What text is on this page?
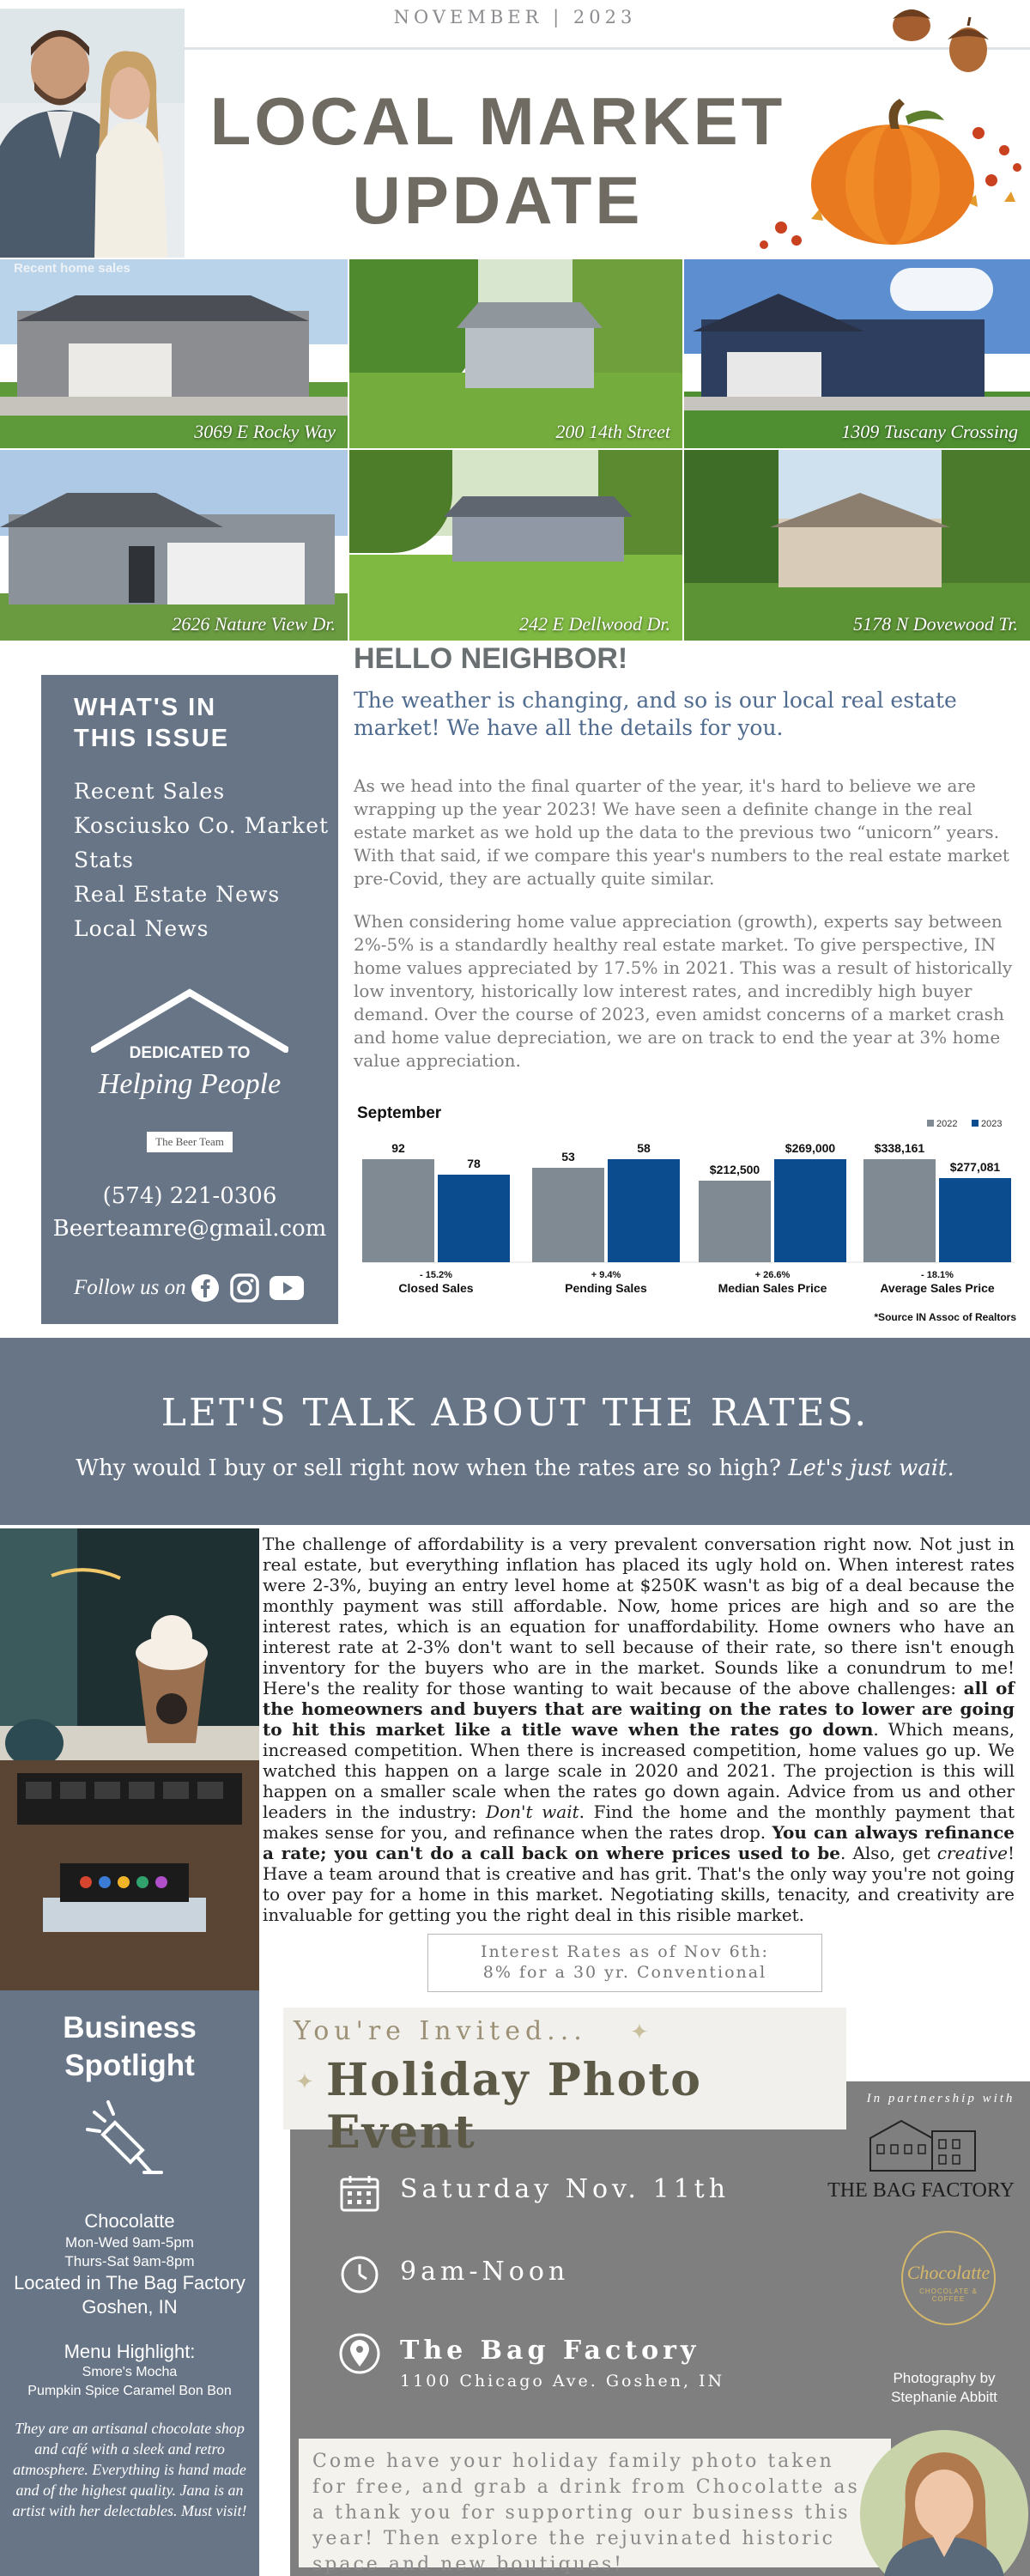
NOVEMBER | 2023
LOCAL MARKET
UPDATE
Recent home sales
3069 E Rocky Way	200 14th Street	1309 Tuscany Crossing
2626 Nature View Dr.	242 E Dellwood Dr.	5178 N Dovewood Tr.
WHAT'S IN
THIS ISSUE
Recent Sales
Kosciusko Co. Market Stats
Real Estate News
Local News
DEDICATED TO
Helping People
The Beer Team
(574) 221-0306
Beerteamre@gmail.com
Follow us on
HELLO NEIGHBOR!
The weather is changing, and so is our local real estate market! We have all the details for you.
As we head into the final quarter of the year, it's hard to believe we are wrapping up the year 2023! We have seen a definite change in the real estate market as we hold up the data to the previous two “unicorn” years. With that said, if we compare this year's numbers to the real estate market pre-Covid, they are actually quite similar.
When considering home value appreciation (growth), experts say between 2%-5% is a standardly healthy real estate market. To give perspective, IN home values appreciated by 17.5% in 2021. This was a result of historically low inventory, historically low interest rates, and incredibly high buyer demand. Over the course of 2023, even amidst concerns of a market crash and home value depreciation, we are on track to end the year at 3% home value appreciation.
September
2022	2023
92
78
- 15.2%
Closed Sales
53
58
+ 9.4%
Pending Sales
$212,500
$269,000
+ 26.6%
Median Sales Price
$338,161
$277,081
- 18.1%
Average Sales Price
*Source IN Assoc of Realtors
LET'S TALK ABOUT THE RATES.
Why would I buy or sell right now when the rates are so high? Let's just wait.
The challenge of affordability is a very prevalent conversation right now. Not just in real estate, but everything inflation has placed its ugly hold on. When interest rates were 2-3%, buying an entry level home at $250K wasn't as big of a deal because the monthly payment was still affordable. Now, home prices are high and so are the interest rates, which is an equation for unaffordability. Home owners who have an interest rate at 2-3% don't want to sell because of their rate, so there isn't enough inventory for the buyers who are in the market. Sounds like a conundrum to me! Here's the reality for those wanting to wait because of the above challenges: all of the homeowners and buyers that are waiting on the rates to lower are going to hit this market like a title wave when the rates go down. Which means, increased competition. When there is increased competition, home values go up. We watched this happen on a large scale in 2020 and 2021. The projection is this will happen on a smaller scale when the rates go down again. Advice from us and other leaders in the industry: Don't wait. Find the home and the monthly payment that makes sense for you, and refinance when the rates drop. You can always refinance a rate; you can't do a call back on where prices used to be. Also, get creative! Have a team around that is creative and has grit. That's the only way you're not going to over pay for a home in this market. Negotiating skills, tenacity, and creativity are invaluable for getting you the right deal in this risible market.
Interest Rates as of Nov 6th:
8% for a 30 yr. Conventional
Business
Spotlight
Chocolatte
Mon-Wed 9am-5pm
Thurs-Sat 9am-8pm
Located in The Bag Factory
Goshen, IN
Menu Highlight:
Smore's Mocha
Pumpkin Spice Caramel Bon Bon
They are an artisanal chocolate shop and café with a sleek and retro atmosphere. Everything is hand made and of the highest quality. Jana is an artist with her delectables. Must visit!
You're Invited... ✦
✦ Holiday Photo Event
Saturday Nov. 11th
9am-Noon
The Bag Factory
1100 Chicago Ave. Goshen, IN
In partnership with
THE BAG FACTORY
Chocolatte
CHOCOLATE & COFFEE
Photography by
Stephanie Abbitt
Come have your holiday family photo taken for free, and grab a drink from Chocolatte as a thank you for supporting our business this year! Then explore the rejuvinated historic space and new boutiques!
